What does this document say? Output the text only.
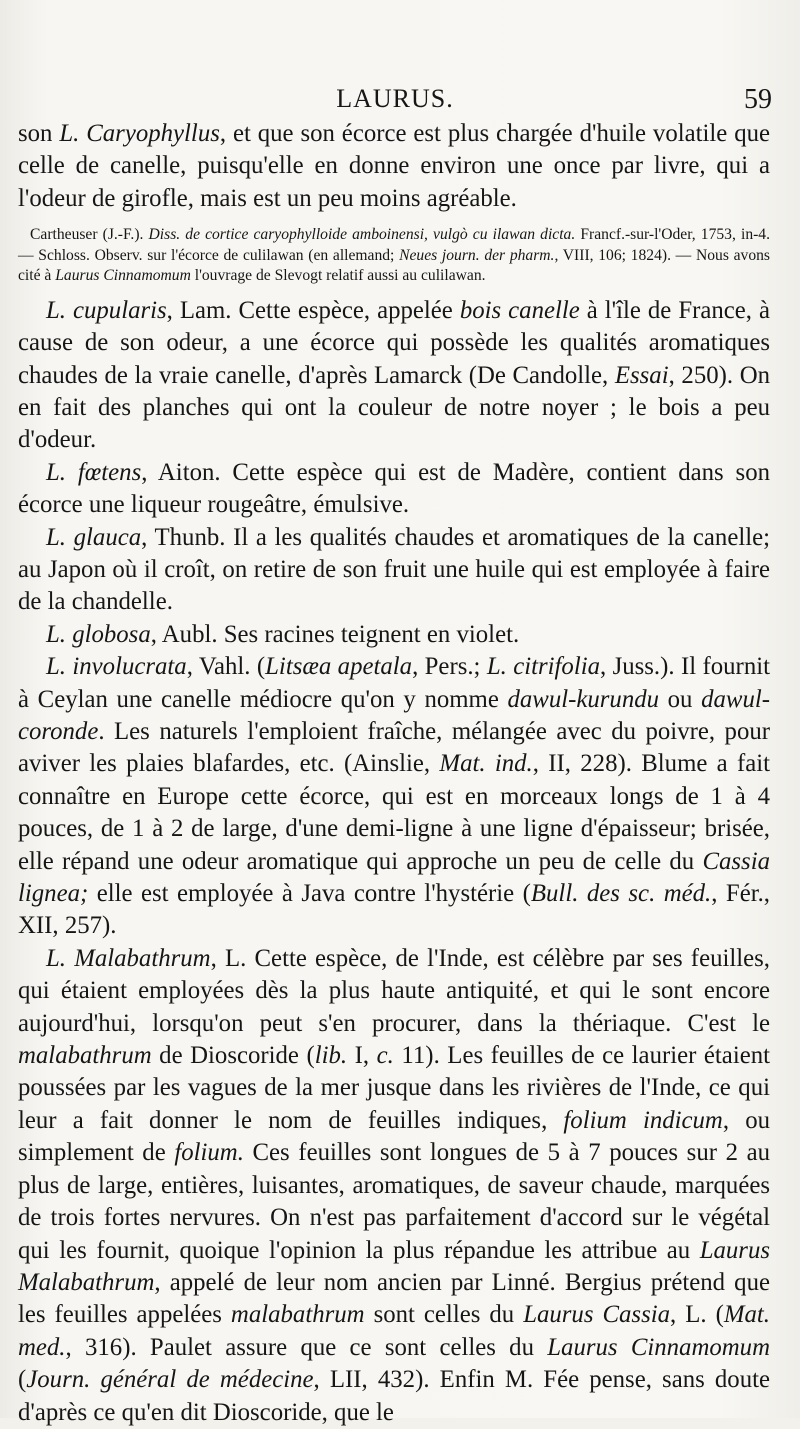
LAURUS.	59

son L. Caryophyllus, et que son écorce est plus chargée d'huile volatile que celle de canelle, puisqu'elle en donne environ une once par livre, qui a l'odeur de girofle, mais est un peu moins agréable.

Cartheuser (J.-F.). Diss. de cortice caryophylloide amboinensi, vulgò cu ilawan dicta. Francf.-sur-l'Oder, 1753, in-4. — Schloss. Observ. sur l'écorce de culilawan (en allemand; Neues journ. der pharm., VIII, 106; 1824). — Nous avons cité à Laurus Cinnamomum l'ouvrage de Slevogt relatif aussi au culilawan.

L. cupularis, Lam. Cette espèce, appelée bois canelle à l'île de France, à cause de son odeur, a une écorce qui possède les qualités aromatiques chaudes de la vraie canelle, d'après Lamarck (De Candolle, Essai, 250). On en fait des planches qui ont la couleur de notre noyer ; le bois a peu d'odeur.

L. fœtens, Aiton. Cette espèce qui est de Madère, contient dans son écorce une liqueur rougeâtre, émulsive.

L. glauca, Thunb. Il a les qualités chaudes et aromatiques de la canelle; au Japon où il croît, on retire de son fruit une huile qui est employée à faire de la chandelle.

L. globosa, Aubl. Ses racines teignent en violet.

L. involucrata, Vahl. (Litsæa apetala, Pers.; L. citrifolia, Juss.). Il fournit à Ceylan une canelle médiocre qu'on y nomme dawul-kurundu ou dawul-coronde. Les naturels l'emploient fraîche, mélangée avec du poivre, pour aviver les plaies blafardes, etc. (Ainslie, Mat. ind., II, 228). Blume a fait connaître en Europe cette écorce, qui est en morceaux longs de 1 à 4 pouces, de 1 à 2 de large, d'une demi-ligne à une ligne d'épaisseur; brisée, elle répand une odeur aromatique qui approche un peu de celle du Cassia lignea; elle est employée à Java contre l'hystérie (Bull. des sc. méd., Fér., XII, 257).

L. Malabathrum, L. Cette espèce, de l'Inde, est célèbre par ses feuilles, qui étaient employées dès la plus haute antiquité, et qui le sont encore aujourd'hui, lorsqu'on peut s'en procurer, dans la thériaque. C'est le malabathrum de Dioscoride (lib. I, c. 11). Les feuilles de ce laurier étaient poussées par les vagues de la mer jusque dans les rivières de l'Inde, ce qui leur a fait donner le nom de feuilles indiques, folium indicum, ou simplement de folium. Ces feuilles sont longues de 5 à 7 pouces sur 2 au plus de large, entières, luisantes, aromatiques, de saveur chaude, marquées de trois fortes nervures. On n'est pas parfaitement d'accord sur le végétal qui les fournit, quoique l'opinion la plus répandue les attribue au Laurus Malabathrum, appelé de leur nom ancien par Linné. Bergius prétend que les feuilles appelées malabathrum sont celles du Laurus Cassia, L. (Mat. med., 316). Paulet assure que ce sont celles du Laurus Cinnamomum (Journ. général de médecine, LII, 432). Enfin M. Fée pense, sans doute d'après ce qu'en dit Dioscoride, que le
